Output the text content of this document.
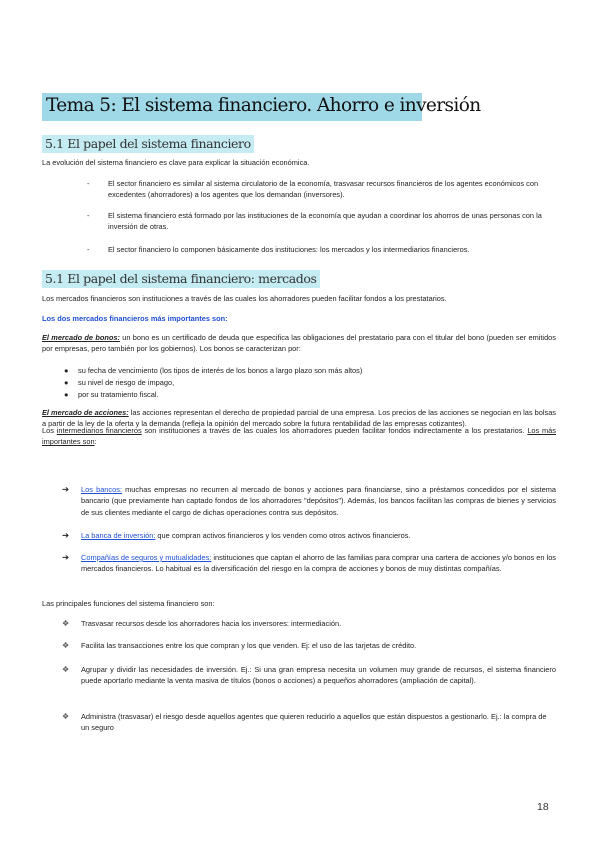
Tema 5: El sistema financiero. Ahorro e inversión
5.1 El papel del sistema financiero
La evolución del sistema financiero es clave para explicar la situación económica.
-	El sector financiero es similar al sistema circulatorio de la economía, trasvasar recursos financieros de los agentes económicos con excedentes (ahorradores) a los agentes que los demandan (inversores).
-	El sistema financiero está formado por las instituciones de la economía que ayudan a coordinar los ahorros de unas personas con la inversión de otras.
-	El sector financiero lo componen básicamente dos instituciones: los mercados y los intermediarios financieros.
5.1 El papel del sistema financiero: mercados
Los mercados financieros son instituciones a través de las cuales los ahorradores pueden facilitar fondos a los prestatarios.
Los dos mercados financieros más importantes son:
El mercado de bonos: un bono es un certificado de deuda que especifica las obligaciones del prestatario para con el titular del bono (pueden ser emitidos por empresas, pero también por los gobiernos). Los bonos se caracterizan por:
● su fecha de vencimiento (los tipos de interés de los bonos a largo plazo son más altos)
● su nivel de riesgo de impago,
● por su tratamiento fiscal.
El mercado de acciones: las acciones representan el derecho de propiedad parcial de una empresa. Los precios de las acciones se negocian en las bolsas a partir de la ley de la oferta y la demanda (refleja la opinión del mercado sobre la futura rentabilidad de las empresas cotizantes).
Los intermediarios financieros son instituciones a través de las cuales los ahorradores pueden facilitar fondos indirectamente a los prestatarios. Los más importantes son:
➔ Los bancos: muchas empresas no recurren al mercado de bonos y acciones para financiarse, sino a préstamos concedidos por el sistema bancario (que previamente han captado fondos de los ahorradores "depósitos"). Además, los bancos facilitan las compras de bienes y servicios de sus clientes mediante el cargo de dichas operaciones contra sus depósitos.
➔ La banca de inversión: que compran activos financieros y los venden como otros activos financieros.
➔ Compañías de seguros y mutualidades: instituciones que captan el ahorro de las familias para comprar una cartera de acciones y/o bonos en los mercados financieros. Lo habitual es la diversificación del riesgo en la compra de acciones y bonos de muy distintas compañías.
Las principales funciones del sistema financiero son:
❖ Trasvasar recursos desde los ahorradores hacia los inversores: intermediación.
❖ Facilita las transacciones entre los que compran y los que venden. Ej: el uso de las tarjetas de crédito.
❖ Agrupar y dividir las necesidades de inversión. Ej.: Si una gran empresa necesita un volumen muy grande de recursos, el sistema financiero puede aportarlo mediante la venta masiva de títulos (bonos o acciones) a pequeños ahorradores (ampliación de capital).
❖ Administra (trasvasar) el riesgo desde aquellos agentes que quieren reducirlo a aquellos que están dispuestos a gestionarlo. Ej.: la compra de un seguro
18
